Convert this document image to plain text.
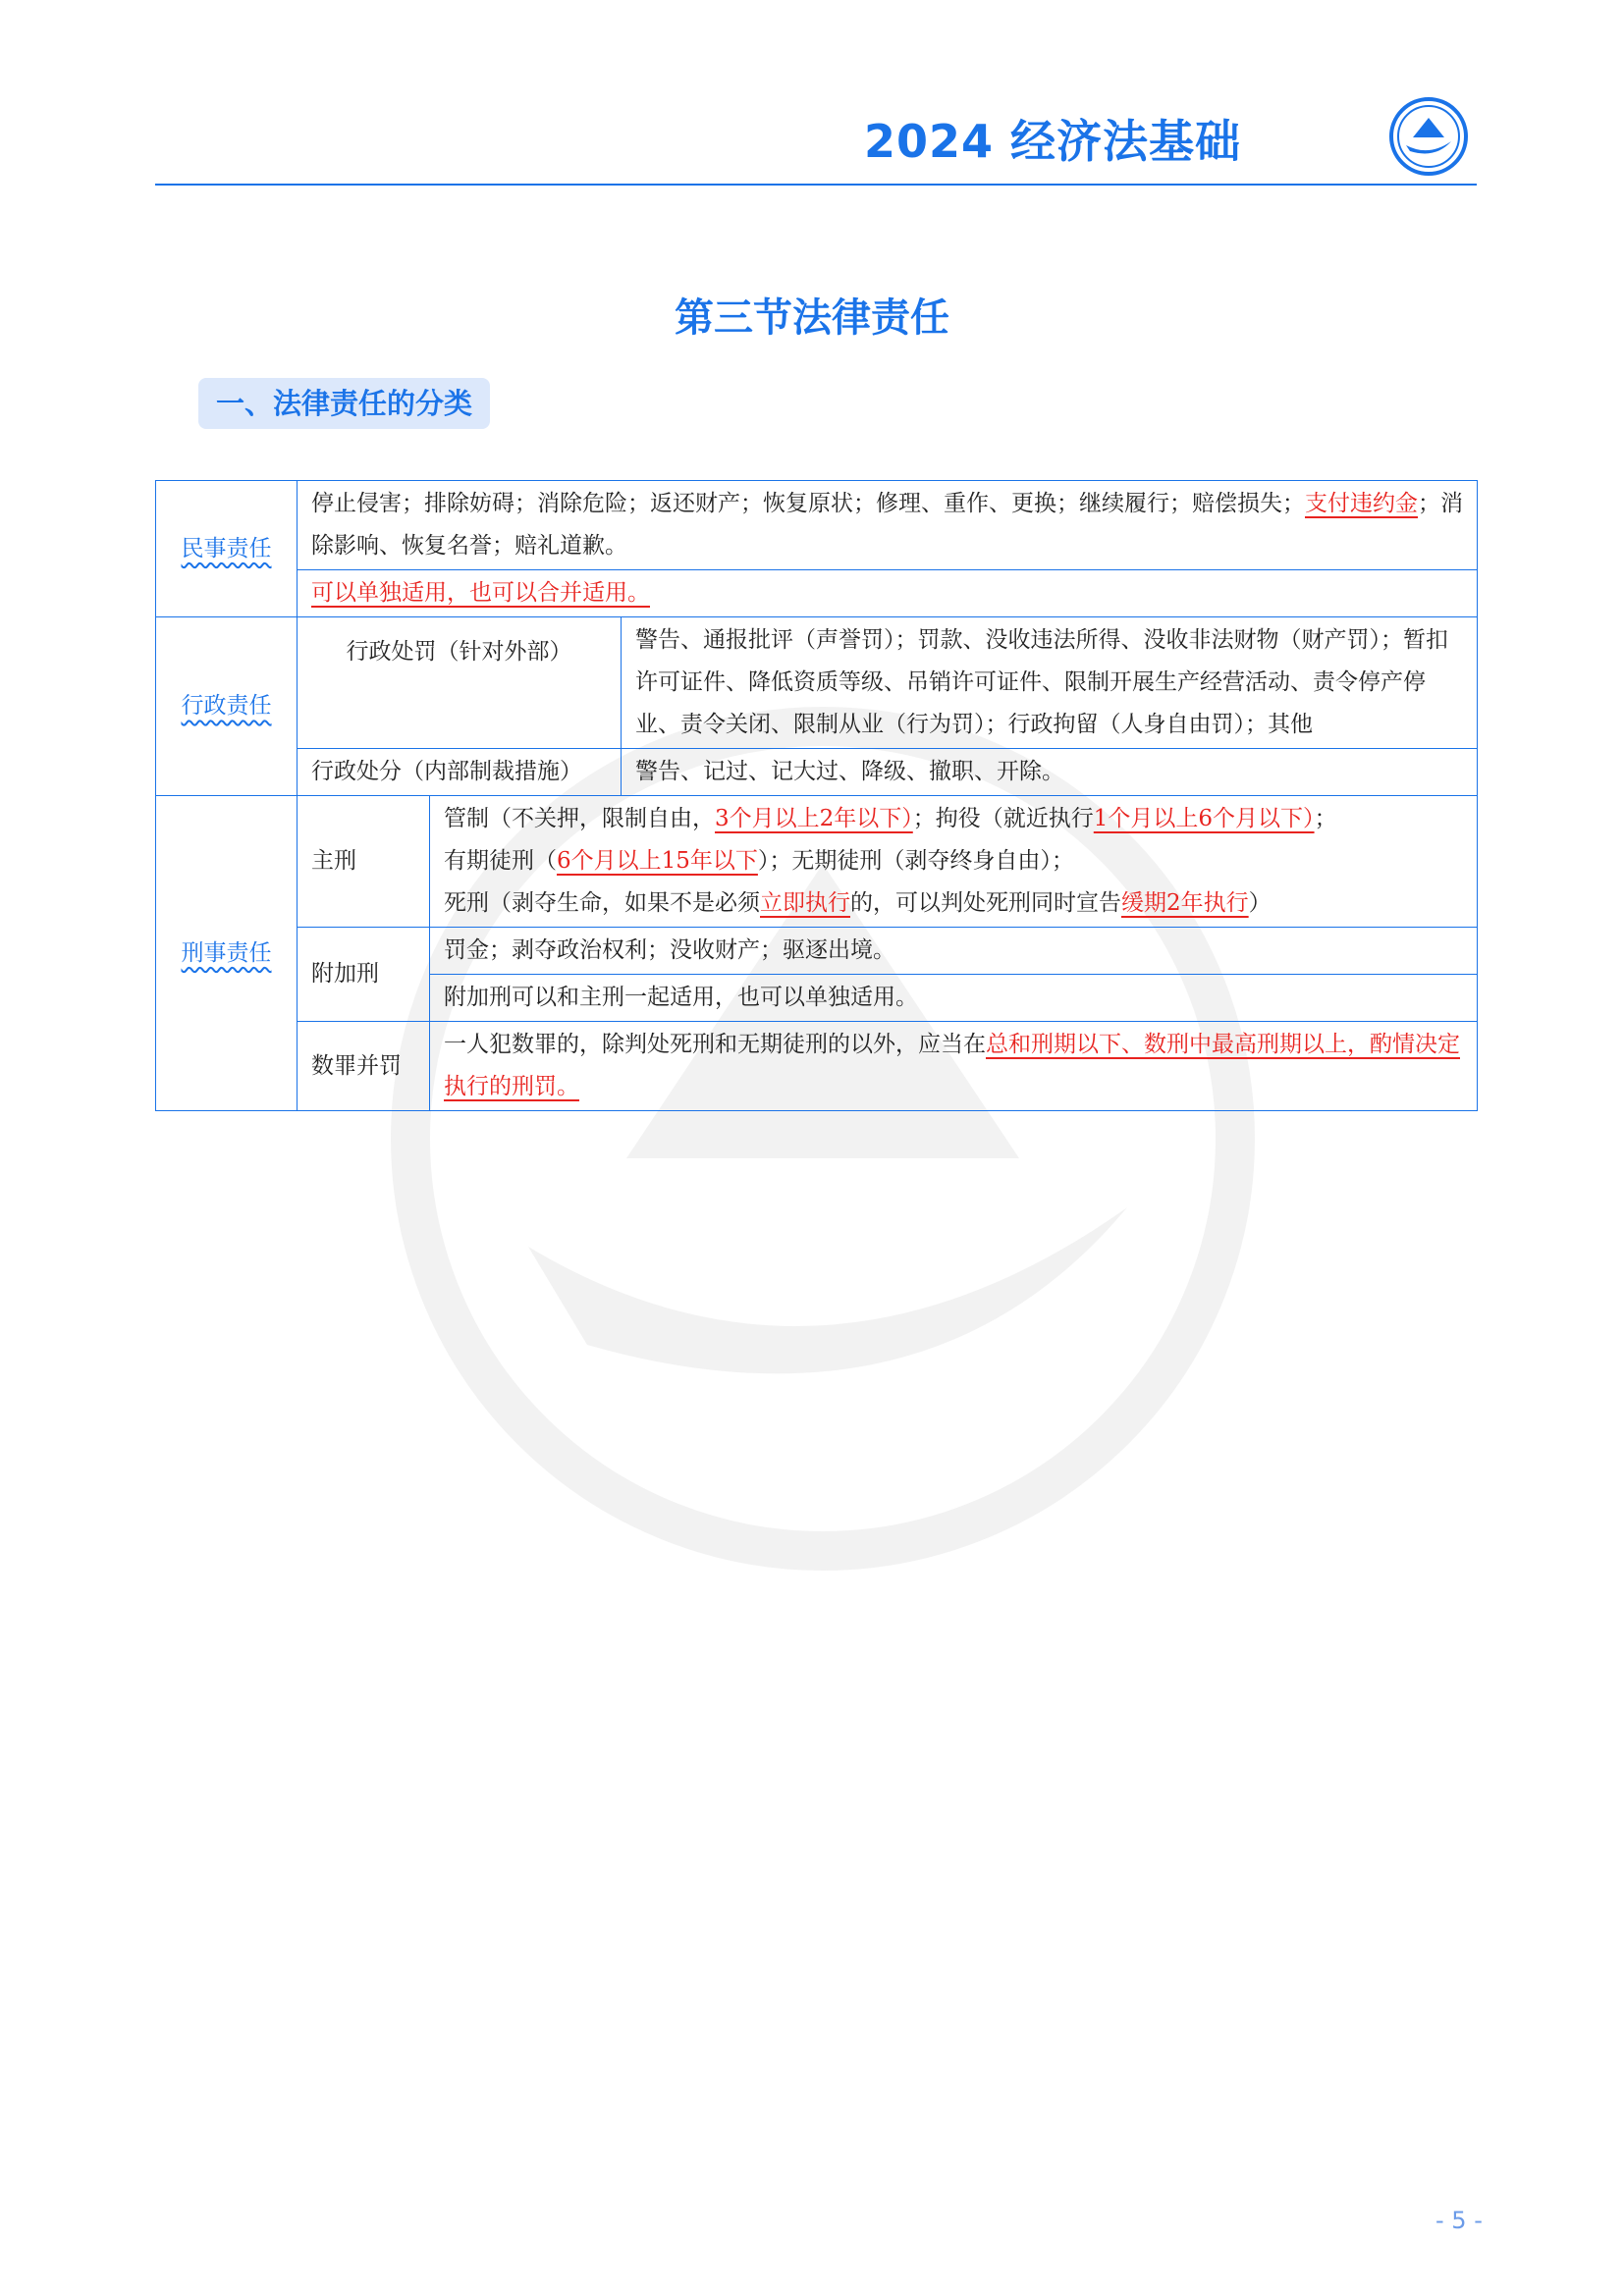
2024 经济法基础
第三节法律责任
一、法律责任的分类
民事责任	停止侵害；排除妨碍；消除危险；返还财产；恢复原状；修理、重作、更换；继续履行；赔偿损失；支付违约金；消除影响、恢复名誉；赔礼道歉。		
	可以单独适用，也可以合并适用。		
行政责任	行政处罚（针对外部）		警告、通报批评（声誉罚）；罚款、没收违法所得、没收非法财物（财产罚）；暂扣许可证件、降低资质等级、吊销许可证件、限制开展生产经营活动、责令停产停业、责令关闭、限制从业（行为罚）；行政拘留（人身自由罚）；其他
	行政处分（内部制裁措施）		警告、记过、记大过、降级、撤职、开除。
刑事责任	主刑	管制（不关押，限制自由，3个月以上2年以下）；拘役（就近执行1个月以上6个月以下）；
有期徒刑（6个月以上15年以下）；无期徒刑（剥夺终身自由）；
死刑（剥夺生命，如果不是必须立即执行的，可以判处死刑同时宣告缓期2年执行）	

	附加刑	罚金；剥夺政治权利；没收财产；驱逐出境。	
		附加刑可以和主刑一起适用，也可以单独适用。	
	数罪并罚	一人犯数罪的，除判处死刑和无期徒刑的以外，应当在总和刑期以下、数刑中最高刑期以上，酌情决定执行的刑罚。	
- 5 -
